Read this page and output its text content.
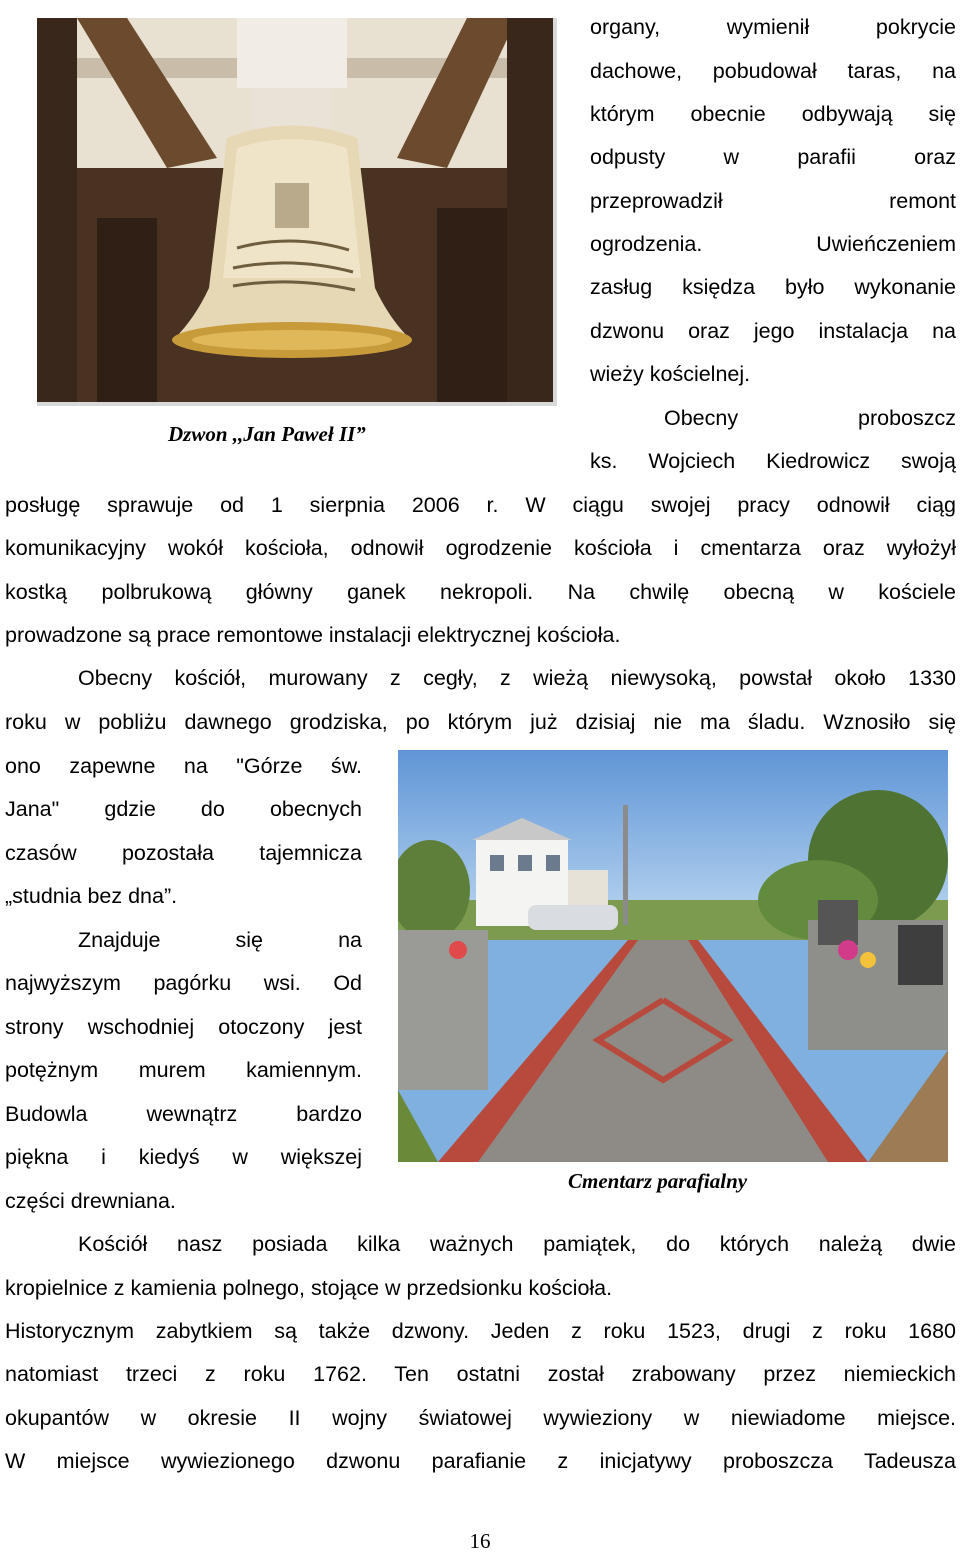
Dzwon ,,Jan Paweł II”
organy, wymienił pokrycie
dachowe, pobudował taras, na
którym obecnie odbywają się
odpusty w parafii oraz
przeprowadził remont
ogrodzenia. Uwieńczeniem
zasług księdza było wykonanie
dzwonu oraz jego instalacja na
wieży kościelnej.
Obecny proboszcz
ks. Wojciech Kiedrowicz swoją
posługę sprawuje od 1 sierpnia 2006 r. W ciągu swojej pracy odnowił ciąg
komunikacyjny wokół kościoła, odnowił ogrodzenie kościoła i cmentarza oraz wyłożył
kostką polbrukową główny ganek nekropoli. Na chwilę obecną w kościele
prowadzone są prace remontowe instalacji elektrycznej kościoła.
Obecny kościół, murowany z cegły, z wieżą niewysoką, powstał około 1330
roku w pobliżu dawnego grodziska, po którym już dzisiaj nie ma śladu. Wznosiło się
Cmentarz parafialny
ono zapewne na "Górze św.
Jana" gdzie do obecnych
czasów pozostała tajemnicza
„studnia bez dna”.
Znajduje się na
najwyższym pagórku wsi. Od
strony wschodniej otoczony jest
potężnym murem kamiennym.
Budowla wewnątrz bardzo
piękna i kiedyś w większej
części drewniana.
Kościół nasz posiada kilka ważnych pamiątek, do których należą dwie
kropielnice z kamienia polnego, stojące w przedsionku kościoła.
Historycznym zabytkiem są także dzwony. Jeden z roku 1523, drugi z roku 1680
natomiast trzeci z roku 1762. Ten ostatni został zrabowany przez niemieckich
okupantów w okresie II wojny światowej wywieziony w niewiadome miejsce.
W miejsce wywiezionego dzwonu parafianie z inicjatywy proboszcza Tadeusza
16
